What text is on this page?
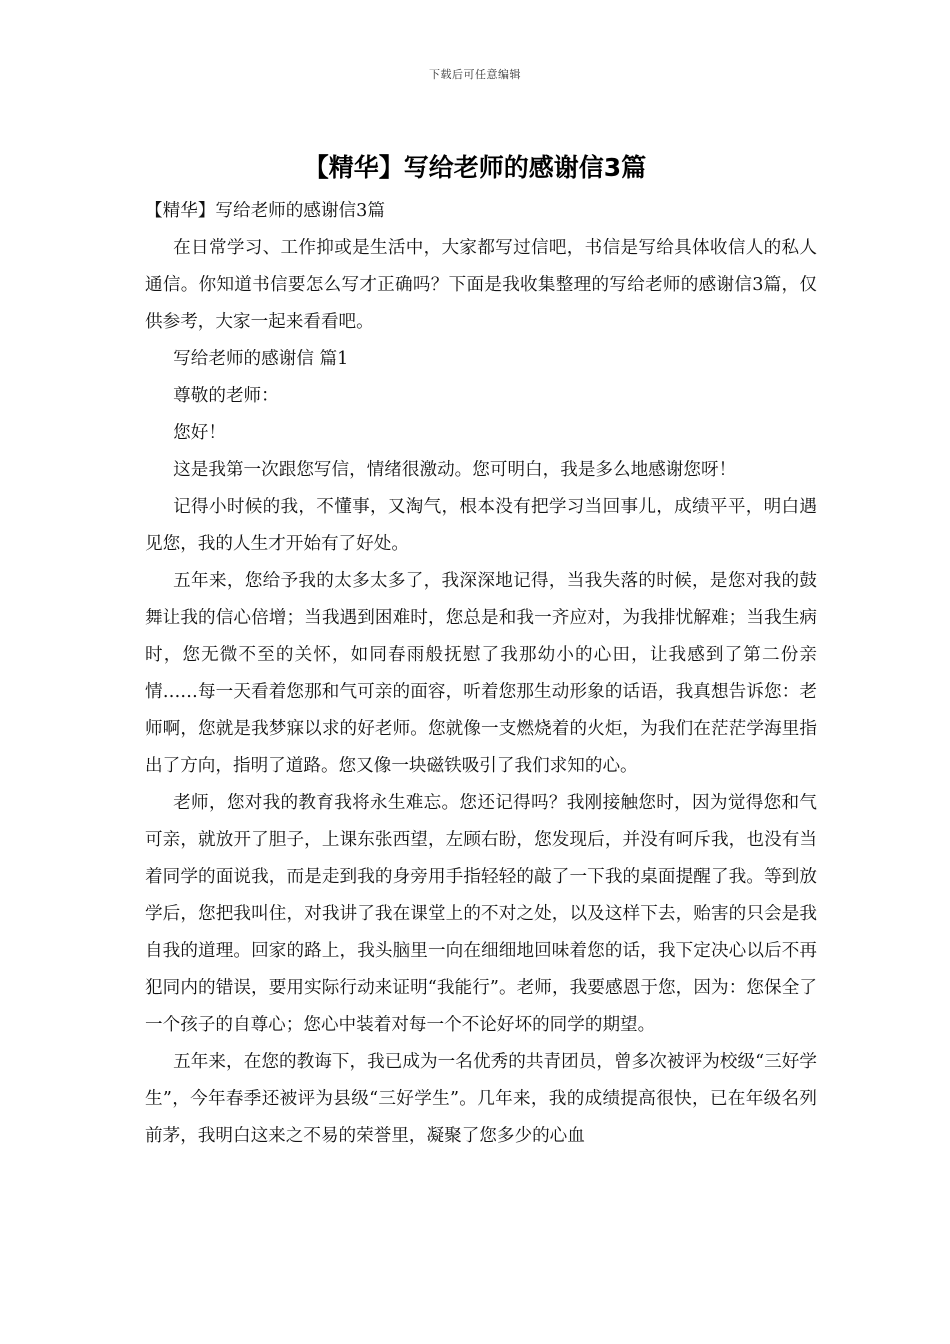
下载后可任意编辑
【精华】写给老师的感谢信3篇

【精华】写给老师的感谢信3篇

在日常学习、工作抑或是生活中，大家都写过信吧，书信是写给具体收信人的私人通信。你知道书信要怎么写才正确吗？下面是我收集整理的写给老师的感谢信3篇，仅供参考，大家一起来看看吧。

写给老师的感谢信 篇1

尊敬的老师：

您好！

这是我第一次跟您写信，情绪很激动。您可明白，我是多么地感谢您呀！

记得小时候的我，不懂事，又淘气，根本没有把学习当回事儿，成绩平平，明白遇见您，我的人生才开始有了好处。

五年来，您给予我的太多太多了，我深深地记得，当我失落的时候，是您对我的鼓舞让我的信心倍增；当我遇到困难时，您总是和我一齐应对，为我排忧解难；当我生病时，您无微不至的关怀，如同春雨般抚慰了我那幼小的心田，让我感到了第二份亲情……每一天看着您那和气可亲的面容，听着您那生动形象的话语，我真想告诉您：老师啊，您就是我梦寐以求的好老师。您就像一支燃烧着的火炬，为我们在茫茫学海里指出了方向，指明了道路。您又像一块磁铁吸引了我们求知的心。

老师，您对我的教育我将永生难忘。您还记得吗？我刚接触您时，因为觉得您和气可亲，就放开了胆子，上课东张西望，左顾右盼，您发现后，并没有呵斥我，也没有当着同学的面说我，而是走到我的身旁用手指轻轻的敲了一下我的桌面提醒了我。等到放学后，您把我叫住，对我讲了我在课堂上的不对之处，以及这样下去，贻害的只会是我自我的道理。回家的路上，我头脑里一向在细细地回味着您的话，我下定决心以后不再犯同内的错误，要用实际行动来证明“我能行”。老师，我要感恩于您，因为：您保全了一个孩子的自尊心；您心中装着对每一个不论好坏的同学的期望。

五年来，在您的教诲下，我已成为一名优秀的共青团员，曾多次被评为校级“三好学生”，今年春季还被评为县级“三好学生”。几年来，我的成绩提高很快，已在年级名列前茅，我明白这来之不易的荣誉里，凝聚了您多少的心血
